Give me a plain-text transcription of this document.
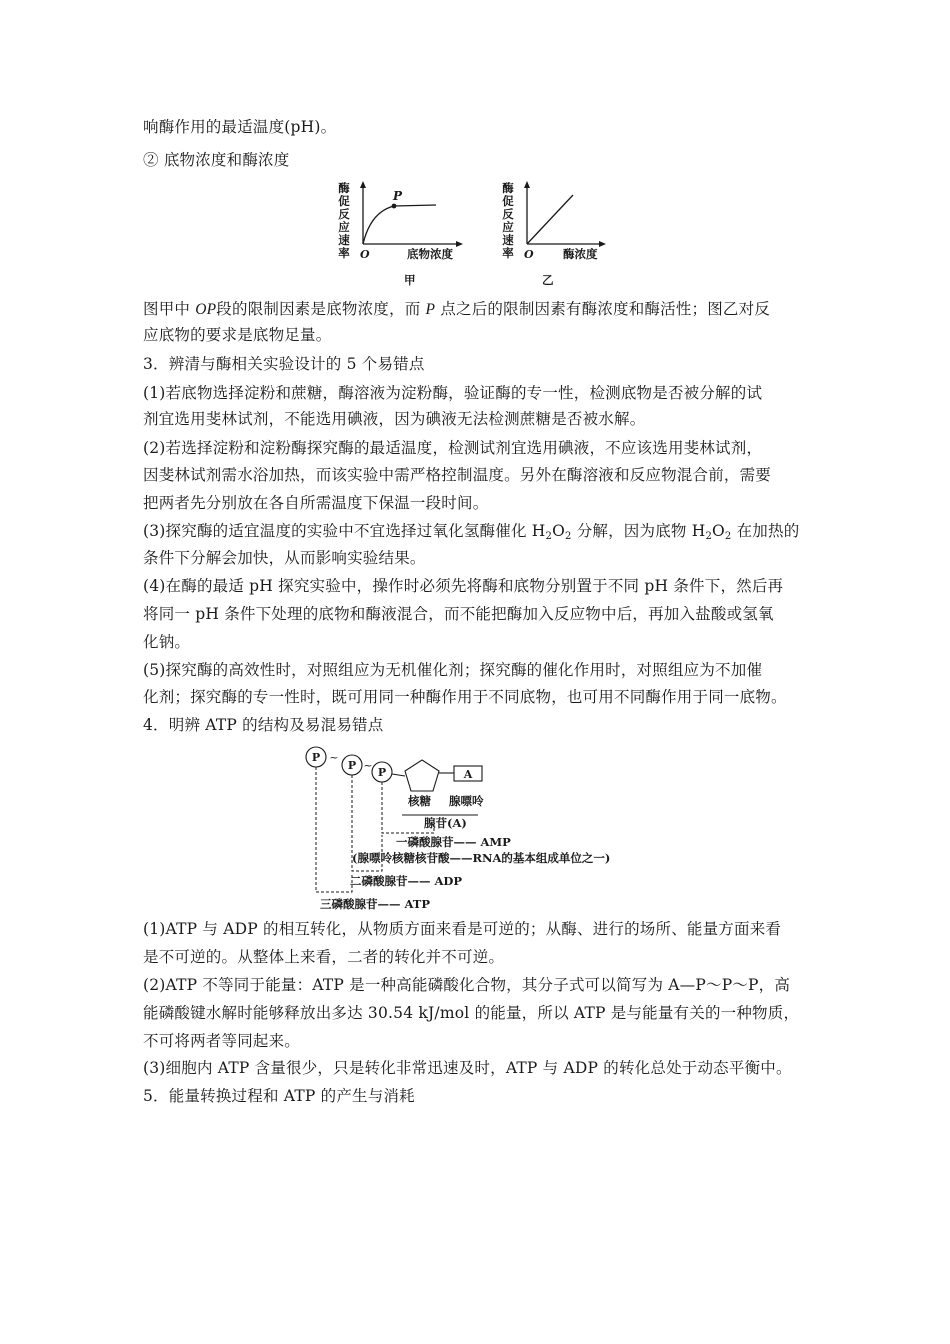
响酶作用的最适温度(pH)。
② 底物浓度和酶浓度
酶
促
反
应
速
率
P
O	底物浓度
甲
酶
促
反
应
速
率 O	酶浓度
乙
图甲中 OP段的限制因素是底物浓度，而 P 点之后的限制因素有酶浓度和酶活性；图乙对反
应底物的要求是底物足量。
3．辨清与酶相关实验设计的 5 个易错点
(1)若底物选择淀粉和蔗糖，酶溶液为淀粉酶，验证酶的专一性，检测底物是否被分解的试
剂宜选用斐林试剂，不能选用碘液，因为碘液无法检测蔗糖是否被水解。
(2)若选择淀粉和淀粉酶探究酶的最适温度，检测试剂宜选用碘液，不应该选用斐林试剂，
因斐林试剂需水浴加热，而该实验中需严格控制温度。另外在酶溶液和反应物混合前，需要
把两者先分别放在各自所需温度下保温一段时间。
(3)探究酶的适宜温度的实验中不宜选择过氧化氢酶催化 $H_2O_2$ 分解，因为底物 $H_2O_2$ 在加热的
条件下分解会加快，从而影响实验结果。
(4)在酶的最适 pH 探究实验中，操作时必须先将酶和底物分别置于不同 pH 条件下，然后再
将同一 pH 条件下处理的底物和酶液混合，而不能把酶加入反应物中后，再加入盐酸或氢氧
化钠。
(5)探究酶的高效性时，对照组应为无机催化剂；探究酶的催化作用时，对照组应为不加催
化剂；探究酶的专一性时，既可用同一种酶作用于不同底物，也可用不同酶作用于同一底物。
4．明辨 ATP 的结构及易混易错点
P
P
P	A
~
~
核糖 腺嘌呤
腺苷(A)
一磷酸腺苷—— AMP
(腺嘌呤核糖核苷酸——RNA的基本组成单位之一)
二磷酸腺苷—— ADP
三磷酸腺苷—— ATP
(1)ATP 与 ADP 的相互转化，从物质方面来看是可逆的；从酶、进行的场所、能量方面来看
是不可逆的。从整体上来看，二者的转化并不可逆。
(2)ATP 不等同于能量：ATP 是一种高能磷酸化合物，其分子式可以简写为 A—P～P～P，高
能磷酸键水解时能够释放出多达 30.54 kJ/mol 的能量，所以 ATP 是与能量有关的一种物质，
不可将两者等同起来。
(3)细胞内 ATP 含量很少，只是转化非常迅速及时，ATP 与 ADP 的转化总处于动态平衡中。
5．能量转换过程和 ATP 的产生与消耗
